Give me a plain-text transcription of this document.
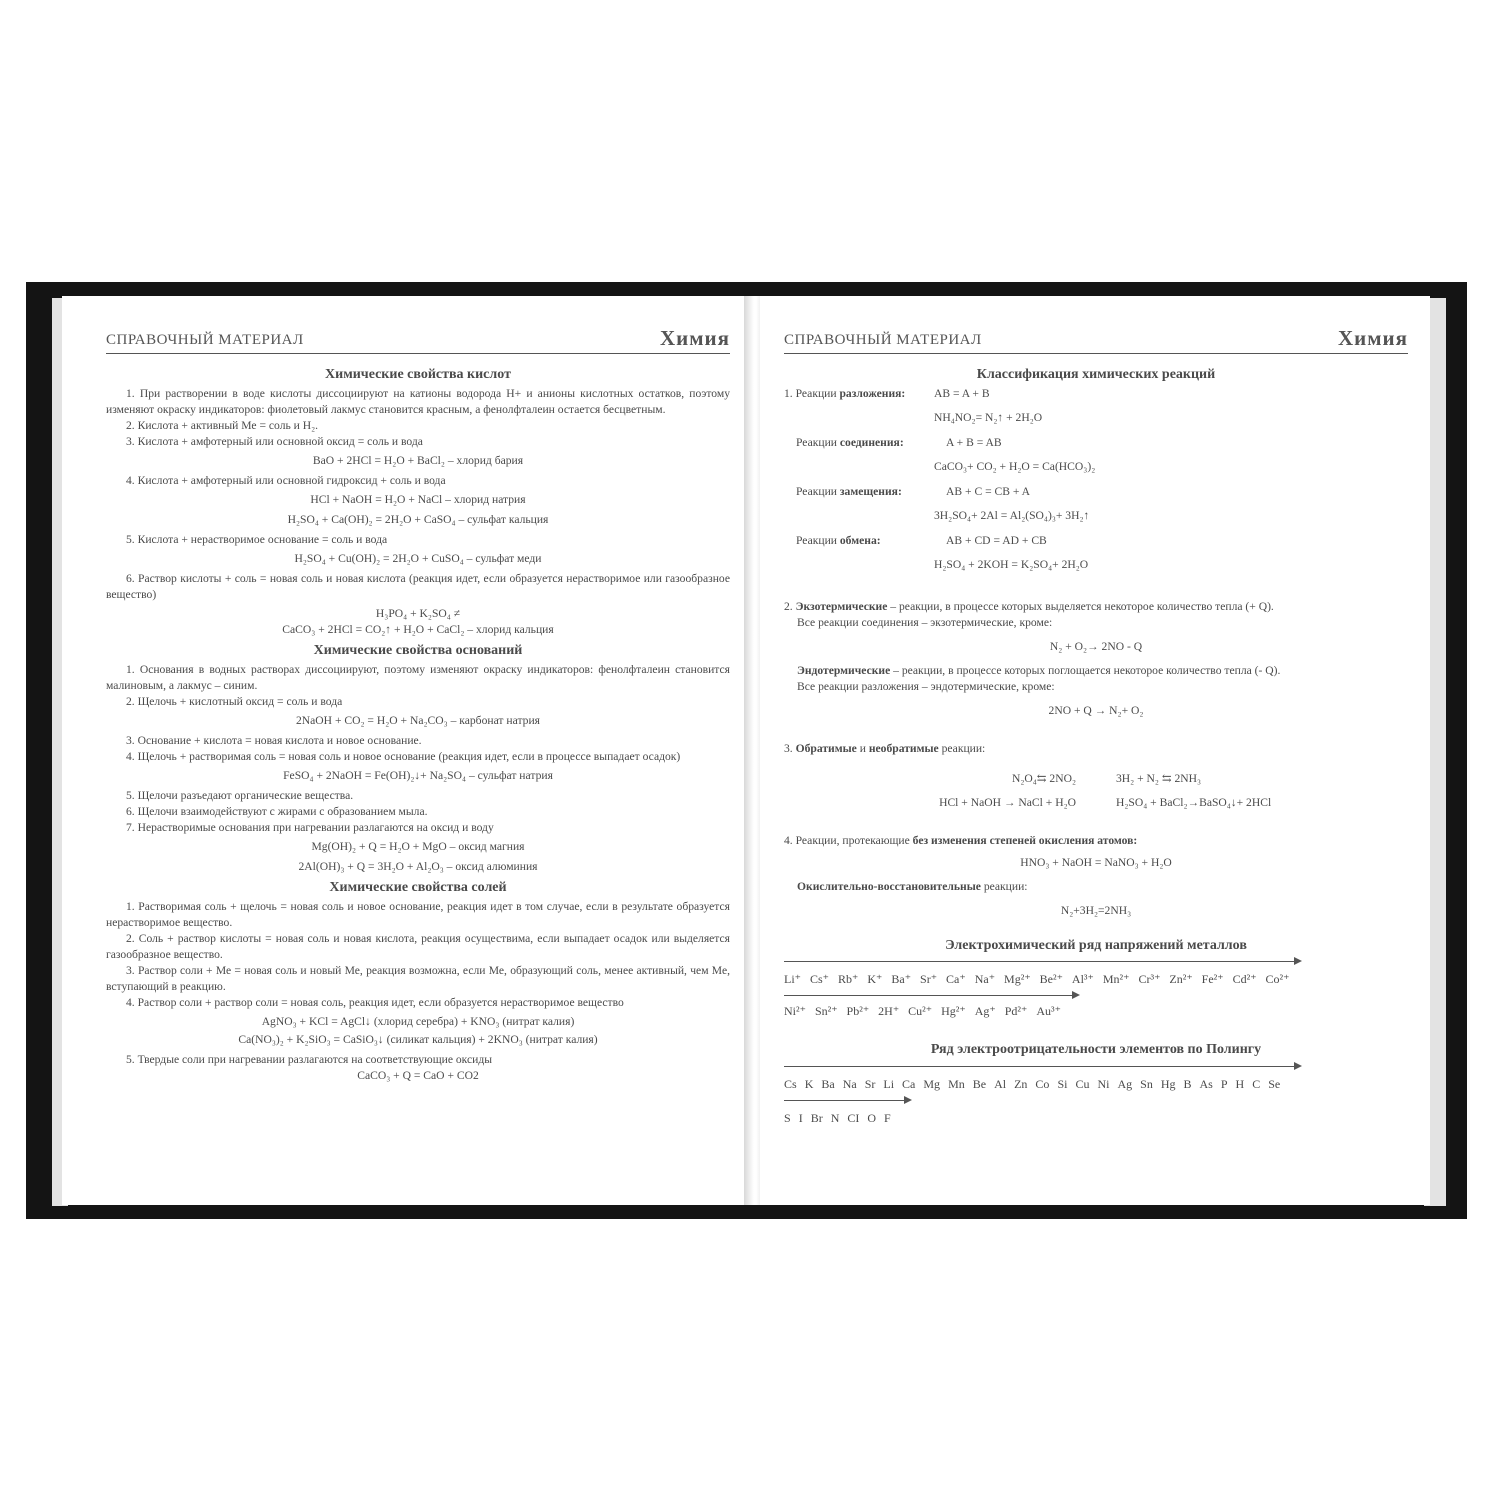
СПРАВОЧНЫЙ МАТЕРИАЛ	Химия
Химические свойства кислот

1. При растворении в воде кислоты диссоциируют на катионы водорода H+ и анионы кислотных остатков, поэтому изменяют окраску индикаторов: фиолетовый лакмус становится красным, а фенолфталеин остается бесцветным.

2. Кислота + активный Ме = соль и H₂.

3. Кислота + амфотерный или основной оксид = соль и вода

BaO + 2HCl = H₂O + BaCl₂ – хлорид бария

4. Кислота + амфотерный или основной гидроксид + соль и вода

HCl + NaOH = H₂O + NaCl – хлорид натрия

H₂SO₄ + Ca(OH)₂ = 2H₂O + CaSO₄ – сульфат кальция

5. Кислота + нерастворимое основание = соль и вода

H₂SO₄ + Cu(OH)₂ = 2H₂O + CuSO₄ – сульфат меди

6. Раствор кислоты + соль = новая соль и новая кислота (реакция идет, если образуется нерастворимое или газообразное вещество)

H₃PO₄ + K₂SO₄ ≠

CaCO₃ + 2HCl = CO₂↑ + H₂O + CaCl₂ – хлорид кальция

Химические свойства оснований

1. Основания в водных растворах диссоциируют, поэтому изменяют окраску индикаторов: фенолфталеин становится малиновым, а лакмус – синим.

2. Щелочь + кислотный оксид = соль и вода

2NaOH + CO₂ = H₂O + Na₂CO₃ – карбонат натрия

3. Основание + кислота = новая кислота и новое основание.

4. Щелочь + растворимая соль = новая соль и новое основание (реакция идет, если в процессе выпадает осадок)

FeSO₄ + 2NaOH = Fe(OH)₂↓+ Na₂SO₄ – сульфат натрия

5. Щелочи разъедают органические вещества.

6. Щелочи взаимодействуют с жирами с образованием мыла.

7. Нерастворимые основания при нагревании разлагаются на оксид и воду

Mg(OH)₂ + Q = H₂O + MgO – оксид магния

2Al(OH)₃ + Q = 3H₂O + Al₂O₃ – оксид алюминия

Химические свойства солей

1. Растворимая соль + щелочь = новая соль и новое основание, реакция идет в том случае, если в результате образуется нерастворимое вещество.

2. Соль + раствор кислоты = новая соль и новая кислота, реакция осуществима, если выпадает осадок или выделяется газообразное вещество.

3. Раствор соли + Ме = новая соль и новый Ме, реакция возможна, если Ме, образующий соль, менее активный, чем Ме, вступающий в реакцию.

4. Раствор соли + раствор соли = новая соль, реакция идет, если образуется нерастворимое вещество

AgNO₃ + KCl = AgCl↓ (хлорид серебра) + KNO₃ (нитрат калия)

Ca(NO₃)₂ + K₂SiO₃ = CaSiO₃↓ (силикат кальция) + 2KNO₃ (нитрат калия)

5. Твердые соли при нагревании разлагаются на соответствующие оксиды

CaCO₃ + Q = CaO + CO2

СПРАВОЧНЫЙ МАТЕРИАЛ	Химия
Классификация химических реакций
1. Реакции разложения:	AB = A + B

NH₄NO₂= N₂↑ + 2H₂O

Реакции соединения:	A + B = AB

CaCO₃+ CO₂ + H₂O = Ca(HCO₃)₂

Реакции замещения:	AB + C = CB + A

3H₂SO₄+ 2Al = Al₂(SO₄)₃+ 3H₂↑

Реакции обмена:	AB + CD = AD + CB

H₂SO₄ + 2KOH = K₂SO₄+ 2H₂O

2. Экзотермические – реакции, в процессе которых выделяется некоторое количество тепла (+ Q).

Все реакции соединения – экзотермические, кроме:

N₂ + O₂→ 2NO - Q

Эндотермические – реакции, в процессе которых поглощается некоторое количество тепла (- Q).

Все реакции разложения – эндотермические, кроме:

2NO + Q → N₂+ O₂

3. Обратимые и необратимые реакции:

N₂O₄⇆ 2NO₂	3H₂ + N₂ ⇆ 2NH₃
HCl + NaOH → NaCl + H₂O	H₂SO₄ + BaCl₂→BaSO₄↓+ 2HCl

4. Реакции, протекающие без изменения степеней окисления атомов:

HNO₃ + NaOH = NaNO₃ + H₂O

Окислительно-восстановительные реакции:

N₂+3H₂=2NH₃

Электрохимический ряд напряжений металлов
Li⁺ Cs⁺ Rb⁺ K⁺ Ba⁺ Sr⁺ Ca⁺ Na⁺ Mg²⁺ Be²⁺ Al³⁺ Mn²⁺ Cr³⁺ Zn²⁺ Fe²⁺ Cd²⁺ Co²⁺
Ni²⁺ Sn²⁺ Pb²⁺ 2H⁺ Cu²⁺ Hg²⁺ Ag⁺ Pd²⁺ Au³⁺
Ряд электроотрицательности элементов по Полингу
Cs K Ba Na Sr Li Ca Mg Mn Be Al Zn Co Si Cu Ni Ag Sn Hg B As P H C Se
S I Br N CI O F
